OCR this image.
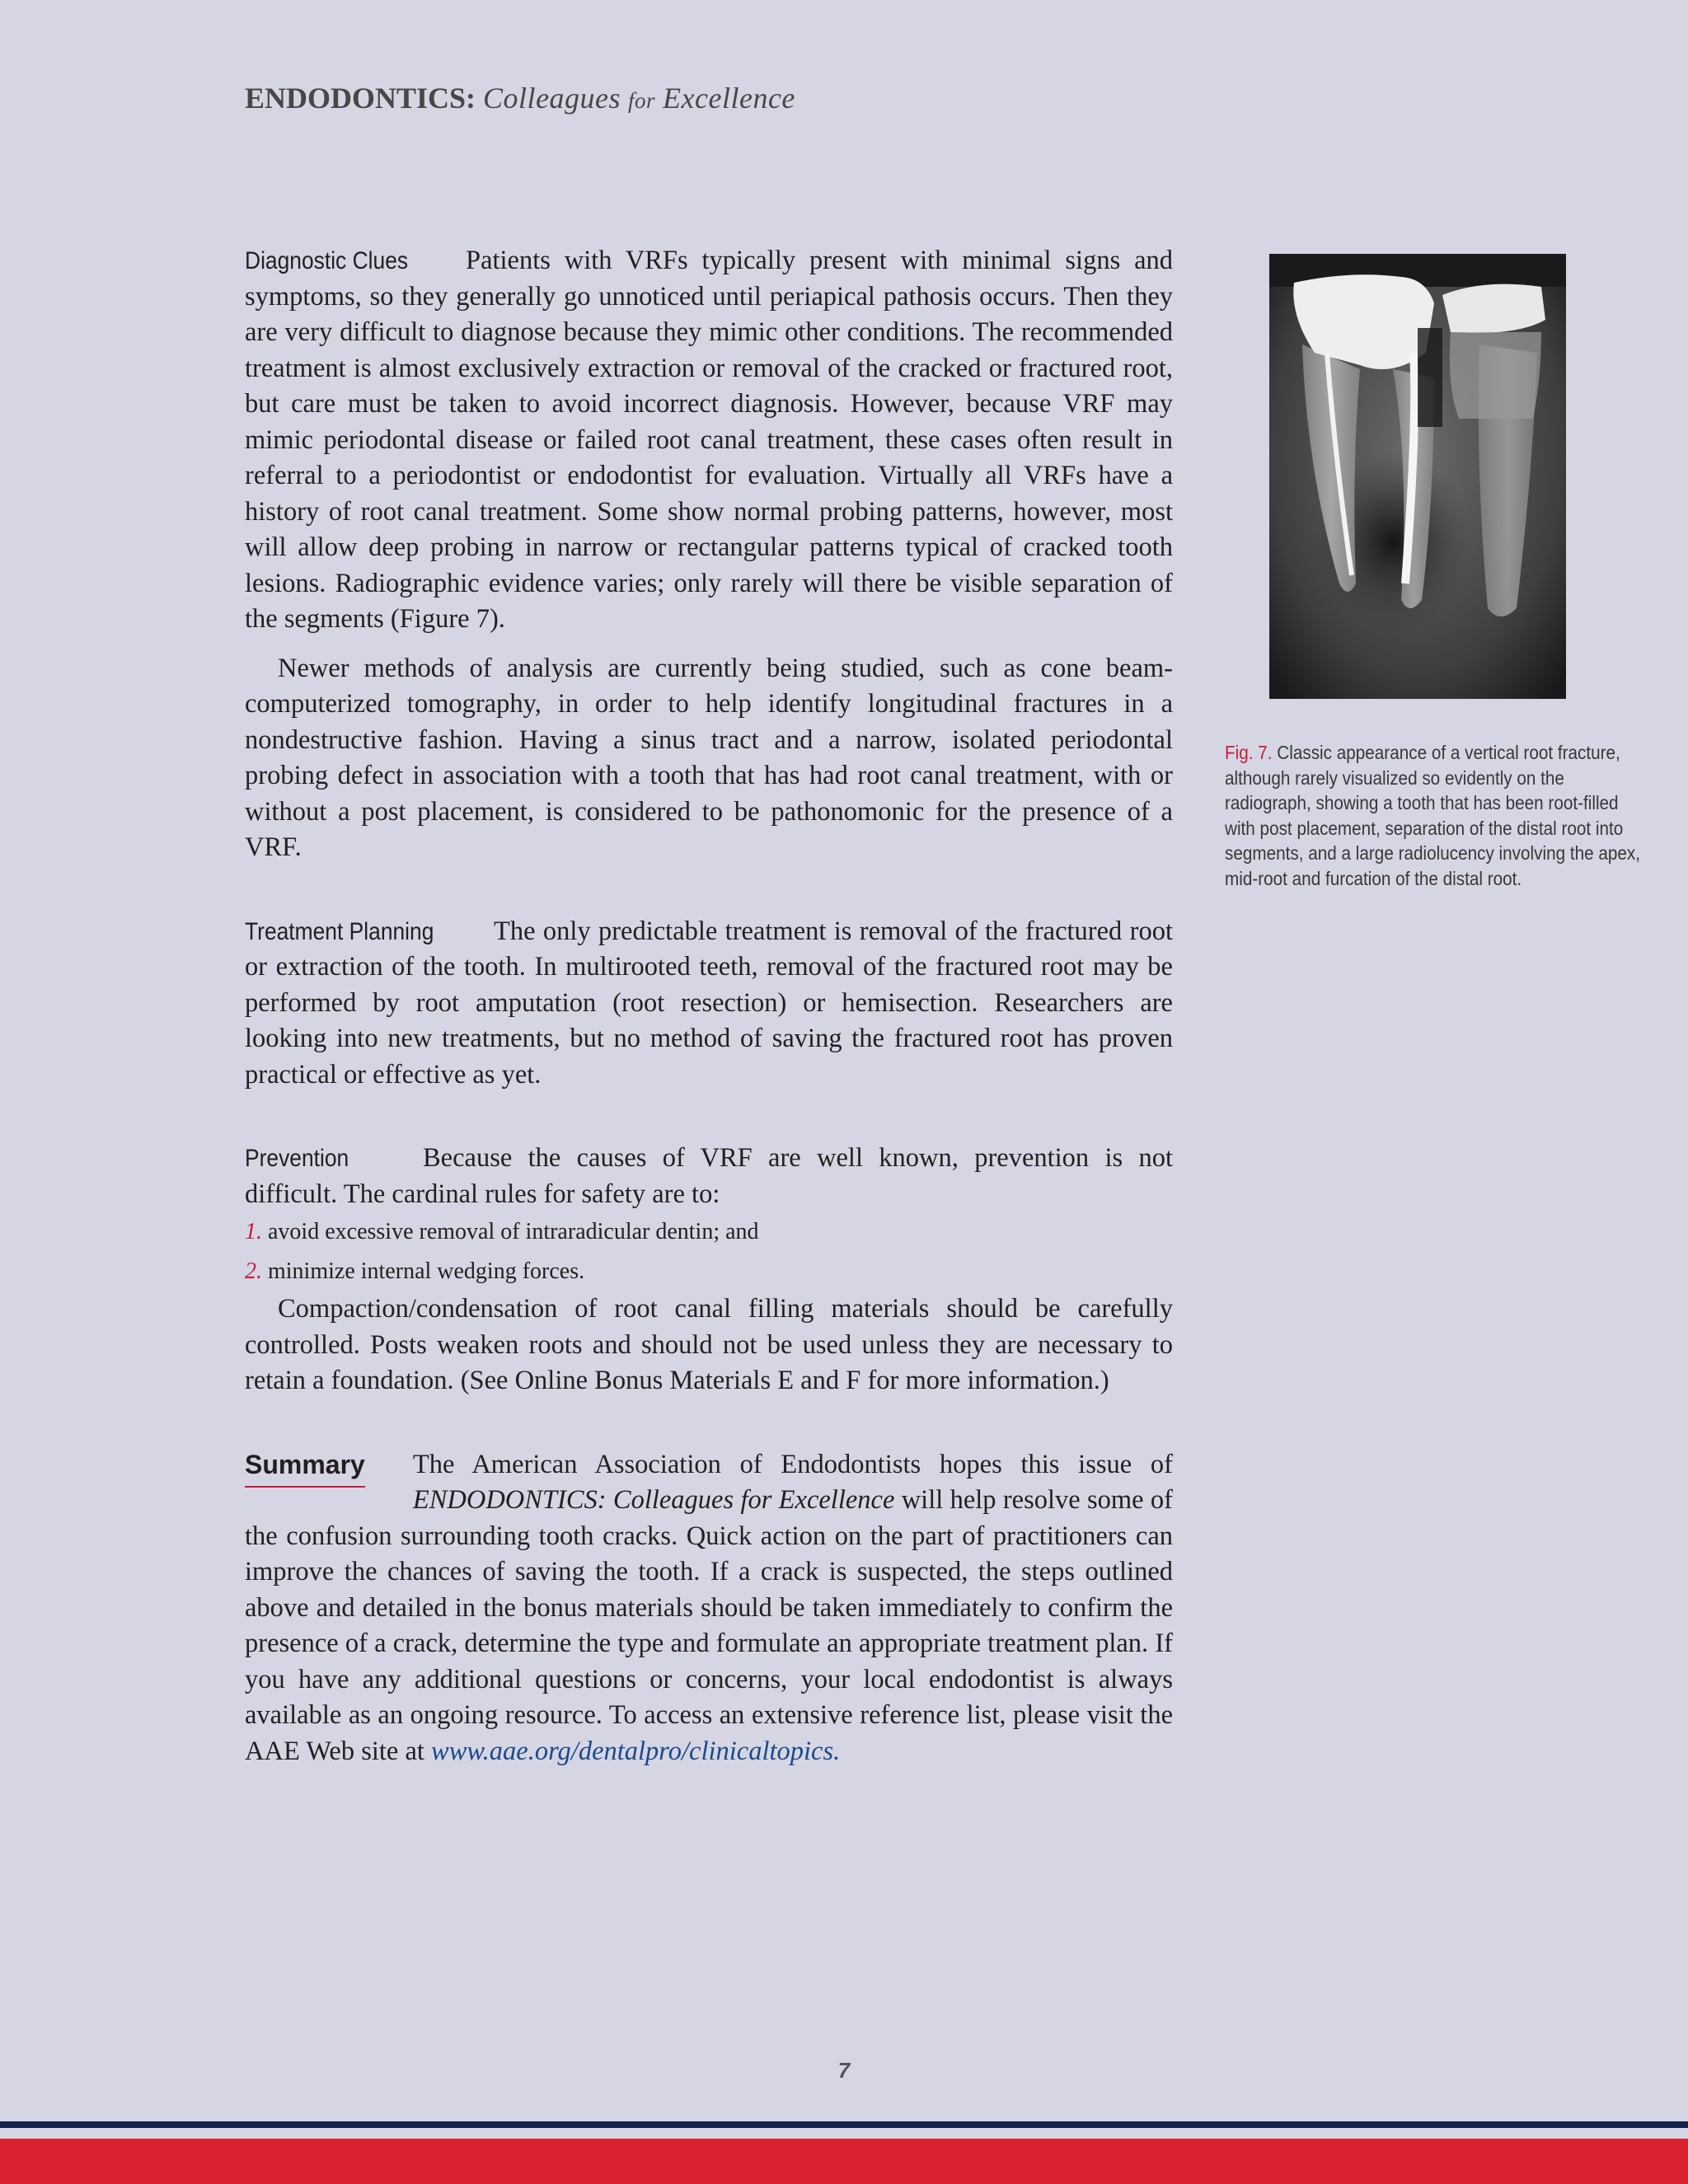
ENDODONTICS: Colleagues for Excellence
Diagnostic Clues	Patients with VRFs typically present with minimal signs and symptoms, so they generally go unnoticed until periapical pathosis occurs. Then they are very difficult to diagnose because they mimic other conditions. The recommended treatment is almost exclusively extraction or removal of the cracked or fractured root, but care must be taken to avoid incorrect diagnosis. However, because VRF may mimic periodontal disease or failed root canal treatment, these cases often result in referral to a periodontist or endodontist for evaluation. Virtually all VRFs have a history of root canal treatment. Some show normal probing patterns, however, most will allow deep probing in narrow or rectangular patterns typical of cracked tooth lesions. Radiographic evidence varies; only rarely will there be visible separation of the segments (Figure 7).

Newer methods of analysis are currently being studied, such as cone beam-computerized tomography, in order to help identify longitudinal fractures in a nondestructive fashion. Having a sinus tract and a narrow, isolated periodontal probing defect in association with a tooth that has had root canal treatment, with or without a post placement, is considered to be pathonomonic for the presence of a VRF.

Treatment Planning	The only predictable treatment is removal of the fractured root or extraction of the tooth. In multirooted teeth, removal of the fractured root may be performed by root amputation (root resection) or hemisection. Researchers are looking into new treatments, but no method of saving the fractured root has proven practical or effective as yet.

Prevention	Because the causes of VRF are well known, prevention is not difficult. The cardinal rules for safety are to:

1. avoid excessive removal of intraradicular dentin; and
2. minimize internal wedging forces.

Compaction/condensation of root canal filling materials should be carefully controlled. Posts weaken roots and should not be used unless they are necessary to retain a foundation. (See Online Bonus Materials E and F for more information.)

Summary	The American Association of Endodontists hopes this issue of ENDODONTICS: Colleagues for Excellence will help resolve some of the confusion surrounding tooth cracks. Quick action on the part of practitioners can improve the chances of saving the tooth. If a crack is suspected, the steps outlined above and detailed in the bonus materials should be taken immediately to confirm the presence of a crack, determine the type and formulate an appropriate treatment plan. If you have any additional questions or concerns, your local endodontist is always available as an ongoing resource. To access an extensive reference list, please visit the AAE Web site at www.aae.org/dentalpro/clinicaltopics.

Fig. 7. Classic appearance of a vertical root fracture, although rarely visualized so evidently on the radiograph, showing a tooth that has been root-filled with post placement, separation of the distal root into segments, and a large radiolucency involving the apex, mid-root and furcation of the distal root.
7
